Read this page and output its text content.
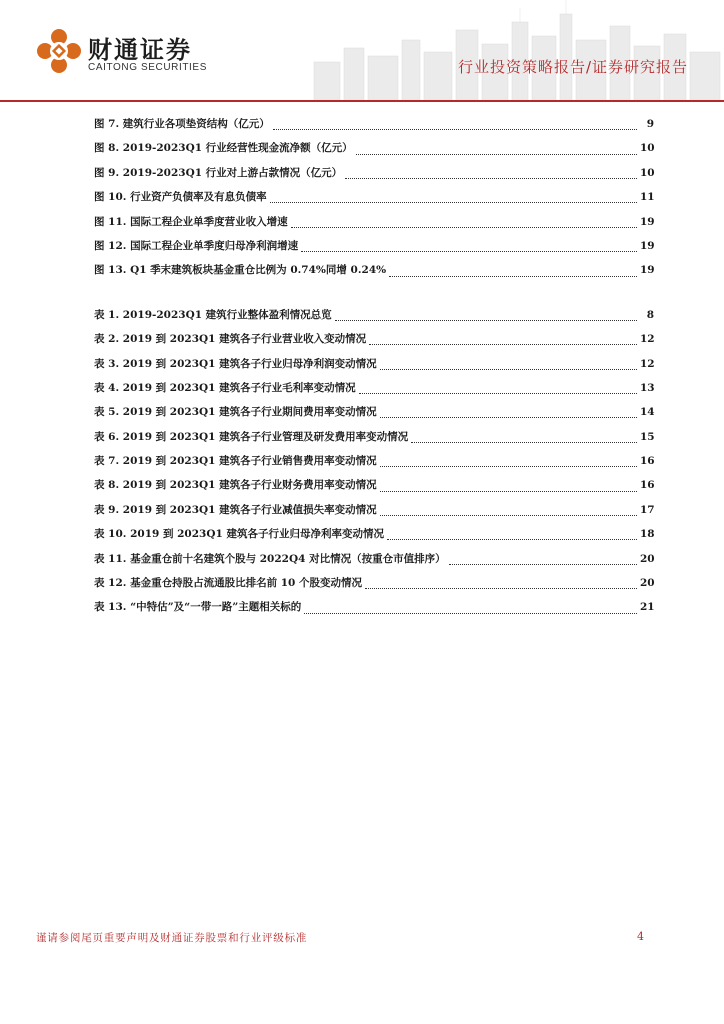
财通证券
CAITONG SECURITIES	行业投资策略报告/证券研究报告
图 7. 建筑行业各项垫资结构（亿元）	9
图 8. 2019-2023Q1 行业经营性现金流净额（亿元）	10
图 9. 2019-2023Q1 行业对上游占款情况（亿元）	10
图 10. 行业资产负债率及有息负债率	11
图 11. 国际工程企业单季度营业收入增速	19
图 12. 国际工程企业单季度归母净利润增速	19
图 13. Q1 季末建筑板块基金重仓比例为 0.74%同增 0.24%	19
表 1. 2019-2023Q1 建筑行业整体盈利情况总览	8
表 2. 2019 到 2023Q1 建筑各子行业营业收入变动情况	12
表 3. 2019 到 2023Q1 建筑各子行业归母净利润变动情况	12
表 4. 2019 到 2023Q1 建筑各子行业毛利率变动情况	13
表 5. 2019 到 2023Q1 建筑各子行业期间费用率变动情况	14
表 6. 2019 到 2023Q1 建筑各子行业管理及研发费用率变动情况	15
表 7. 2019 到 2023Q1 建筑各子行业销售费用率变动情况	16
表 8. 2019 到 2023Q1 建筑各子行业财务费用率变动情况	16
表 9. 2019 到 2023Q1 建筑各子行业减值损失率变动情况	17
表 10. 2019 到 2023Q1 建筑各子行业归母净利率变动情况	18
表 11. 基金重仓前十名建筑个股与 2022Q4 对比情况（按重仓市值排序）	20
表 12. 基金重仓持股占流通股比排名前 10 个股变动情况	20
表 13. “中特估”及“一带一路”主题相关标的	21
谨请参阅尾页重要声明及财通证券股票和行业评级标准	4
